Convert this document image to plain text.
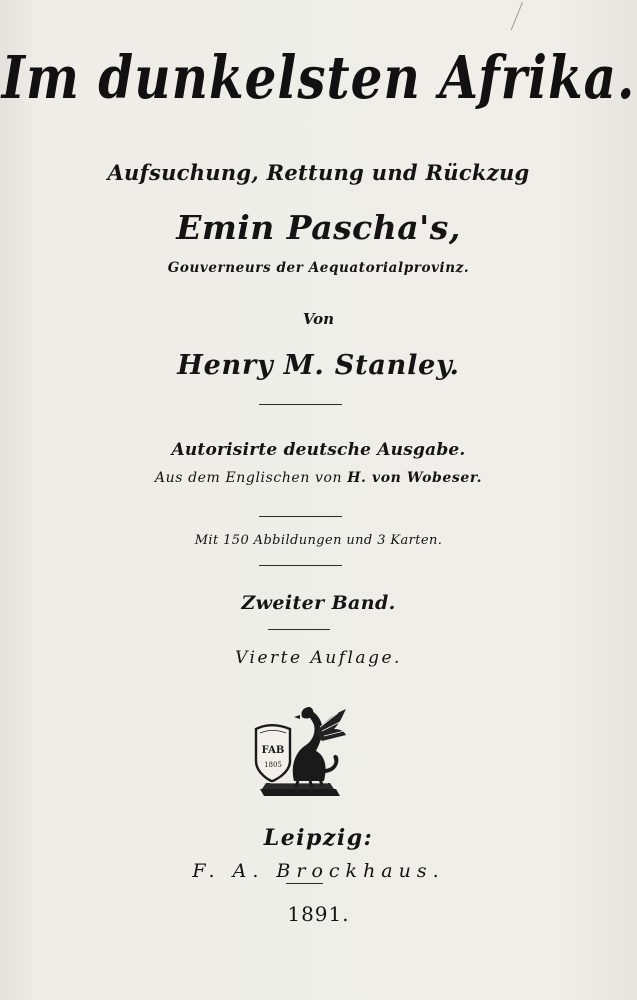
Im dunkelsten Afrika.
Aufsuchung, Rettung und Rückzug
Emin Pascha's,
Gouverneurs der Aequatorialprovinz.
Von
Henry M. Stanley.
Autorisirte deutsche Ausgabe.
Aus dem Englischen von H. von Wobeser.
Mit 150 Abbildungen und 3 Karten.
Zweiter Band.
Vierte Auflage.
FAB
1805
Leipzig:
F. A. Brockhaus.
1891.
